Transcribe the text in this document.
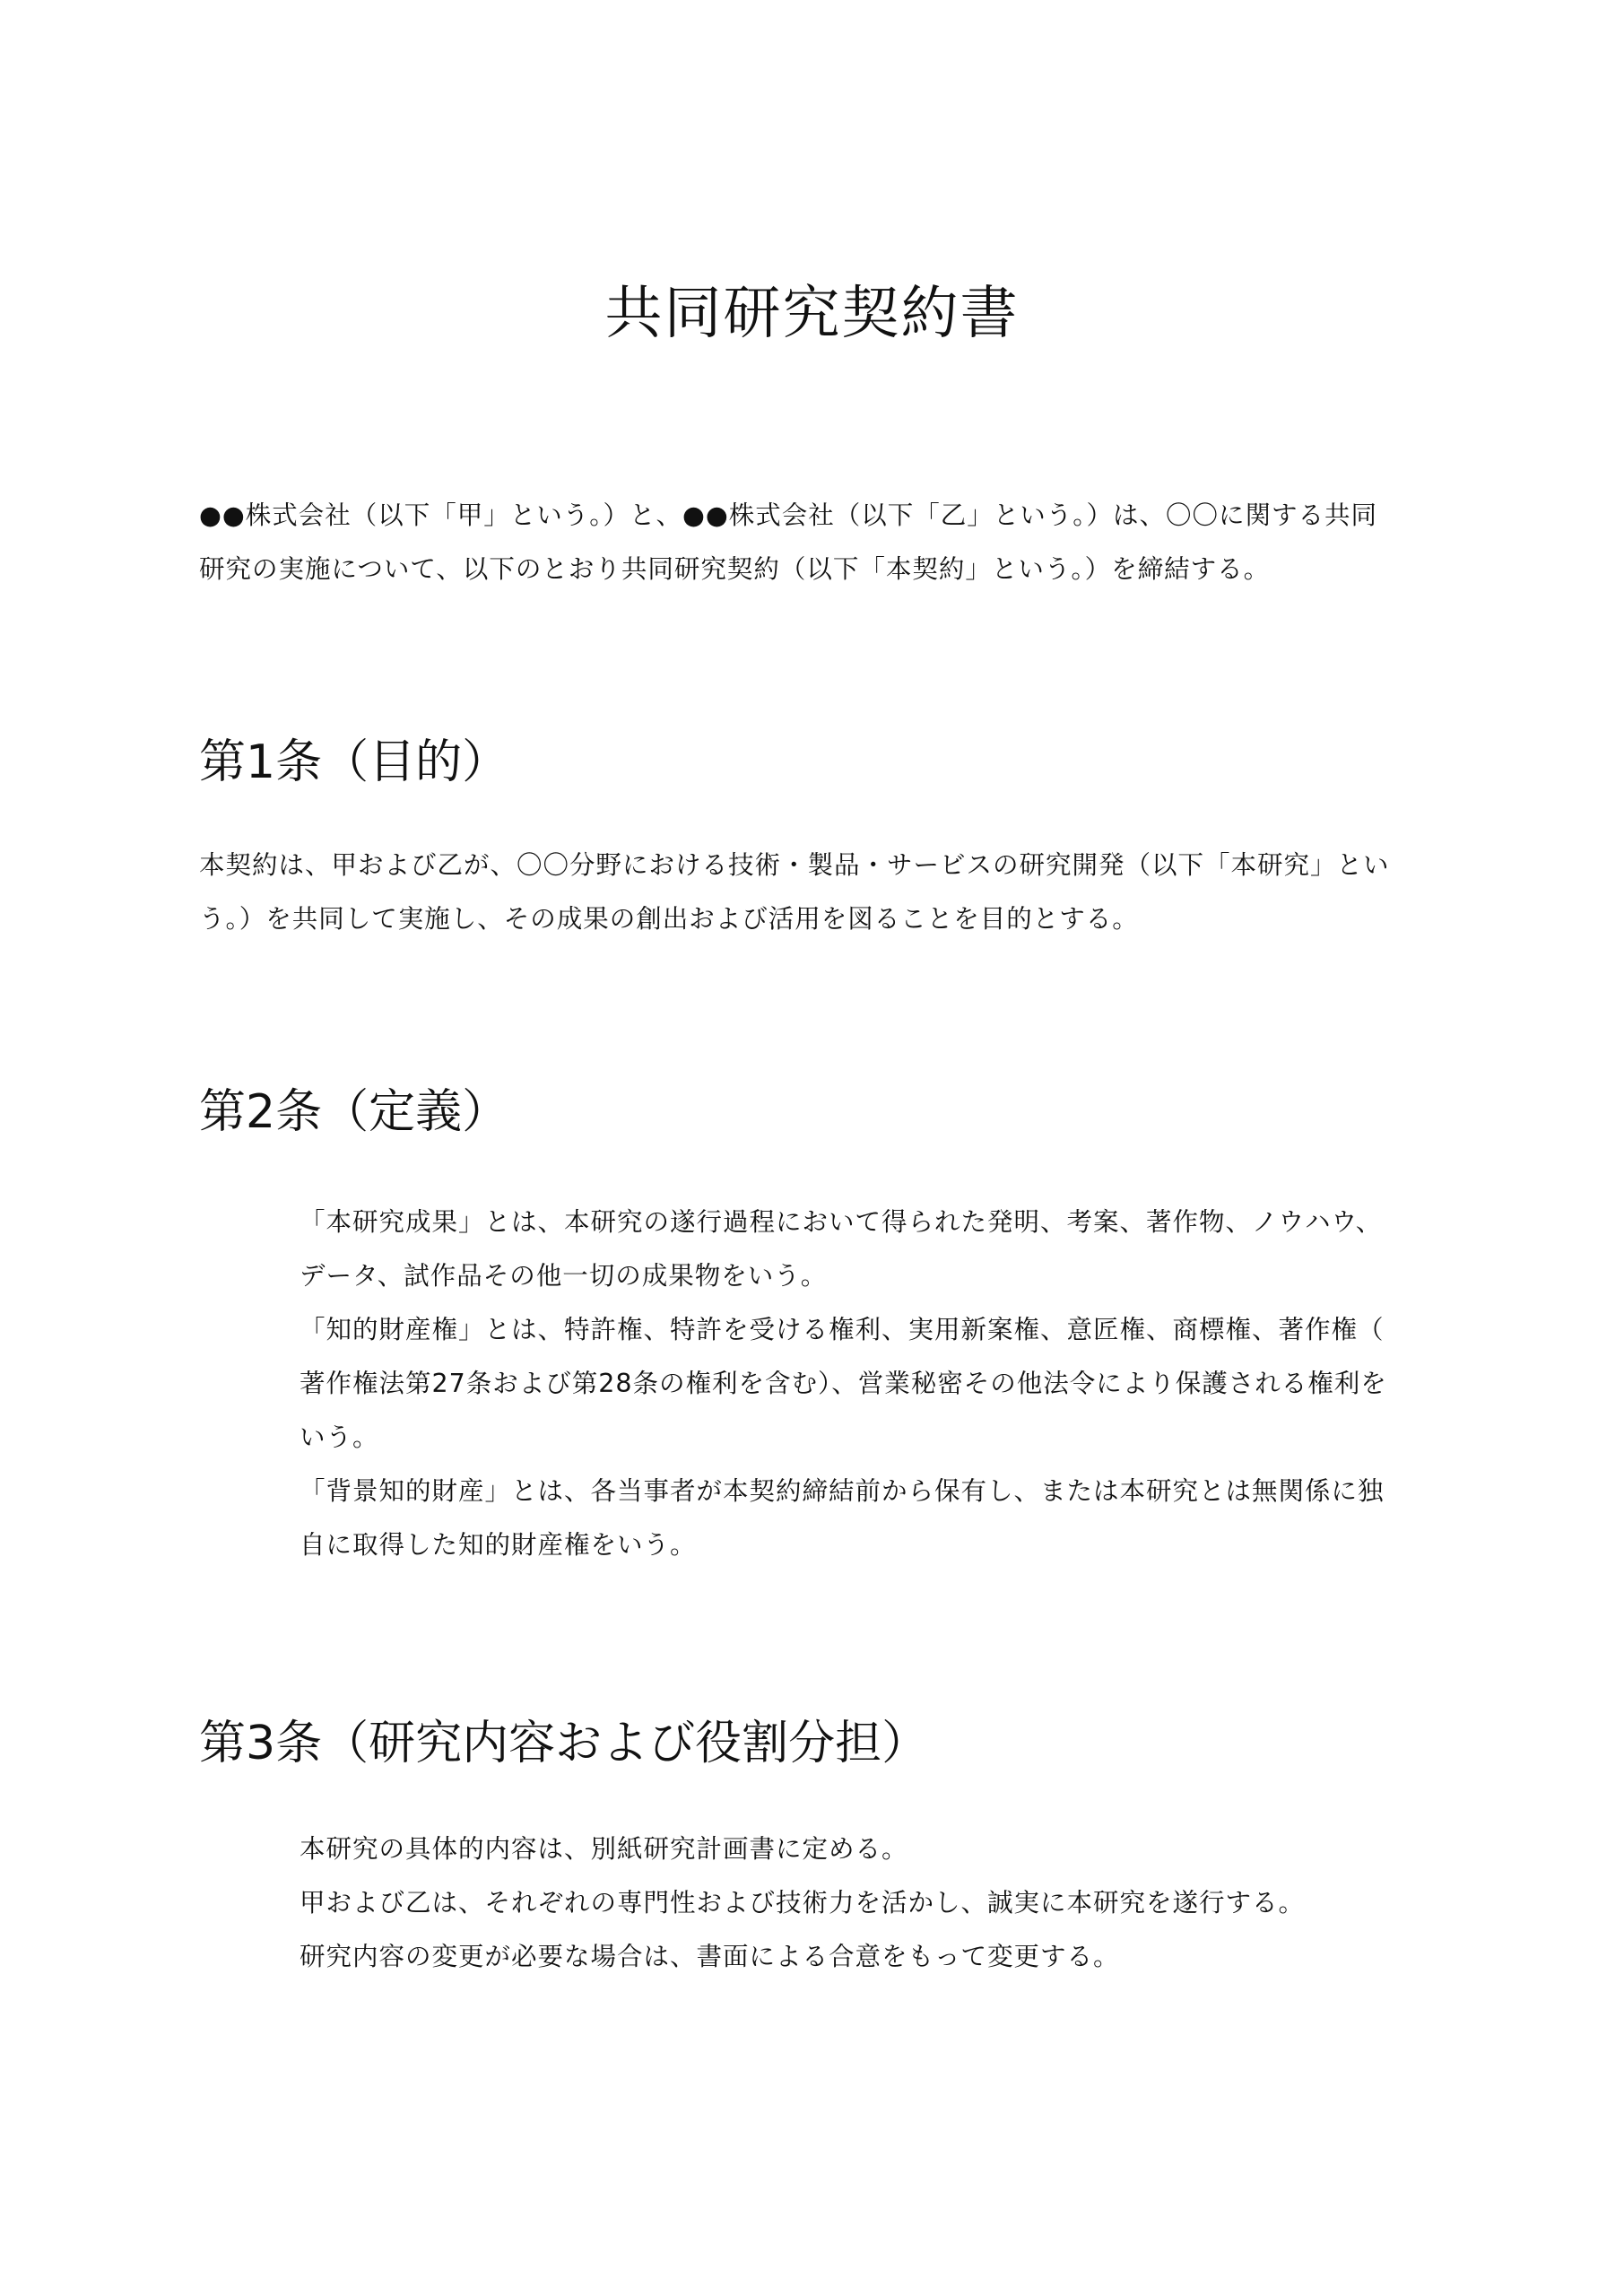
共同研究契約書

●●株式会社（以下「甲」という。）と、●●株式会社（以下「乙」という。）は、〇〇に関する共同

研究の実施について、以下のとおり共同研究契約（以下「本契約」という。）を締結する。

第1条（目的）

本契約は、甲および乙が、〇〇分野における技術・製品・サービスの研究開発（以下「本研究」とい

う。）を共同して実施し、その成果の創出および活用を図ることを目的とする。

第2条（定義）

「本研究成果」とは、本研究の遂行過程において得られた発明、考案、著作物、ノウハウ、

データ、試作品その他一切の成果物をいう。

「知的財産権」とは、特許権、特許を受ける権利、実用新案権、意匠権、商標権、著作権（

著作権法第27条および第28条の権利を含む）、営業秘密その他法令により保護される権利を

いう。

「背景知的財産」とは、各当事者が本契約締結前から保有し、または本研究とは無関係に独

自に取得した知的財産権をいう。

第3条（研究内容および役割分担）

本研究の具体的内容は、別紙研究計画書に定める。

甲および乙は、それぞれの専門性および技術力を活かし、誠実に本研究を遂行する。

研究内容の変更が必要な場合は、書面による合意をもって変更する。
